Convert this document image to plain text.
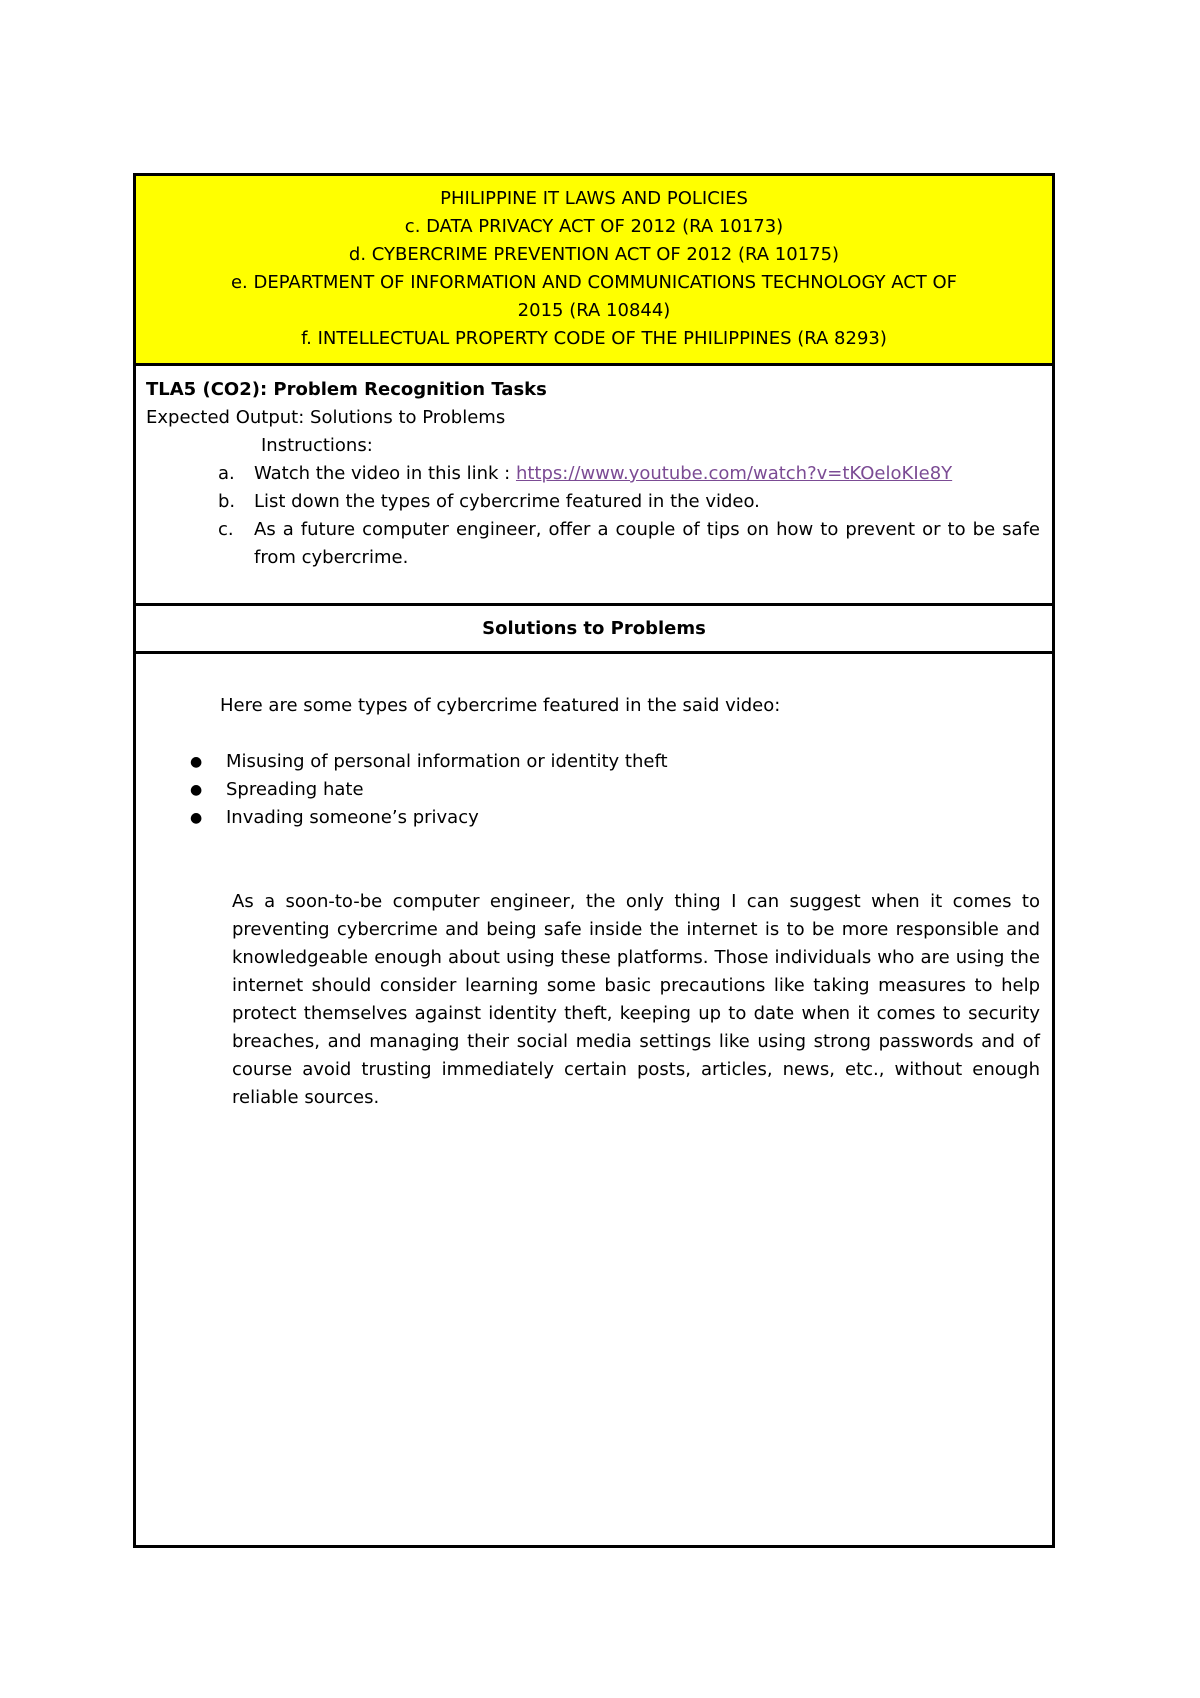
PHILIPPINE IT LAWS AND POLICIES
c. DATA PRIVACY ACT OF 2012 (RA 10173)
d. CYBERCRIME PREVENTION ACT OF 2012 (RA 10175)
e. DEPARTMENT OF INFORMATION AND COMMUNICATIONS TECHNOLOGY ACT OF
2015 (RA 10844)
f. INTELLECTUAL PROPERTY CODE OF THE PHILIPPINES (RA 8293)
TLA5 (CO2): Problem Recognition Tasks
Expected Output: Solutions to Problems
Instructions:
a.	Watch the video in this link : https://www.youtube.com/watch?v=tKOeloKIe8Y
b.	List down the types of cybercrime featured in the video.
c.	As a future computer engineer, offer a couple of tips on how to prevent or to be safe from cybercrime.
Solutions to Problems
Here are some types of cybercrime featured in the said video:
●	Misusing of personal information or identity theft
●	Spreading hate
●	Invading someone’s privacy
As a soon-to-be computer engineer, the only thing I can suggest when it comes to preventing cybercrime and being safe inside the internet is to be more responsible and knowledgeable enough about using these platforms. Those individuals who are using the internet should consider learning some basic precautions like taking measures to help protect themselves against identity theft, keeping up to date when it comes to security breaches, and managing their social media settings like using strong passwords and of course avoid trusting immediately certain posts, articles, news, etc., without enough reliable sources.
